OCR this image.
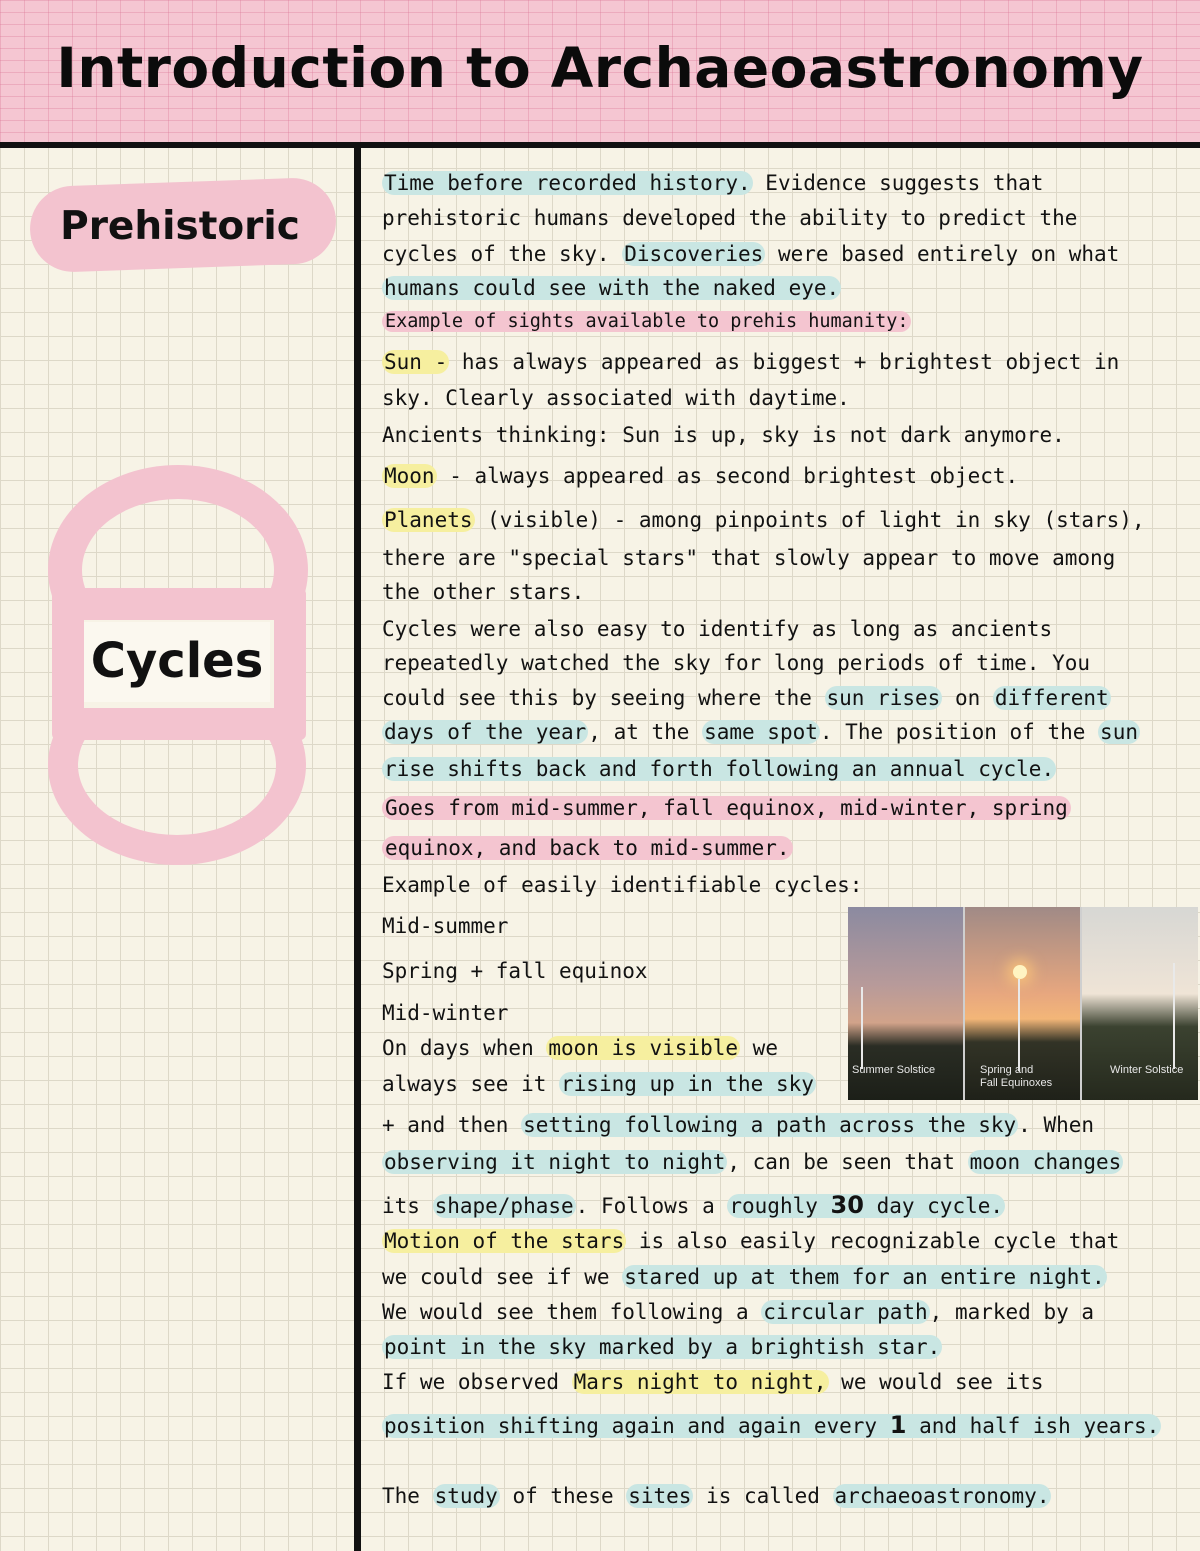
Introduction to Archaeoastronomy
Prehistoric
Cycles
Time before recorded history. Evidence suggests that
prehistoric humans developed the ability to predict the
cycles of the sky. Discoveries were based entirely on what
humans could see with the naked eye.
Example of sights available to prehis humanity:
Sun - has always appeared as biggest + brightest object in
sky. Clearly associated with daytime.
Ancients thinking: Sun is up, sky is not dark anymore.
Moon - always appeared as second brightest object.
Planets (visible) - among pinpoints of light in sky (stars),
there are "special stars" that slowly appear to move among
the other stars.
Cycles were also easy to identify as long as ancients
repeatedly watched the sky for long periods of time. You
could see this by seeing where the sun rises on different
days of the year, at the same spot. The position of the sun
rise shifts back and forth following an annual cycle.
Goes from mid-summer, fall equinox, mid-winter, spring
equinox, and back to mid-summer.
Example of easily identifiable cycles:
Mid-summer
Spring + fall equinox
Mid-winter
On days when moon is visible we
always see it rising up in the sky
+ and then setting following a path across the sky. When
observing it night to night, can be seen that moon changes
its shape/phase. Follows a roughly 30 day cycle.
Motion of the stars is also easily recognizable cycle that
we could see if we stared up at them for an entire night.
We would see them following a circular path, marked by a
point in the sky marked by a brightish star.
If we observed Mars night to night, we would see its
position shifting again and again every 1 and half ish years.
The study of these sites is called archaeoastronomy.
Summer Solstice	Spring and
Fall Equinoxes
Winter Solstice
